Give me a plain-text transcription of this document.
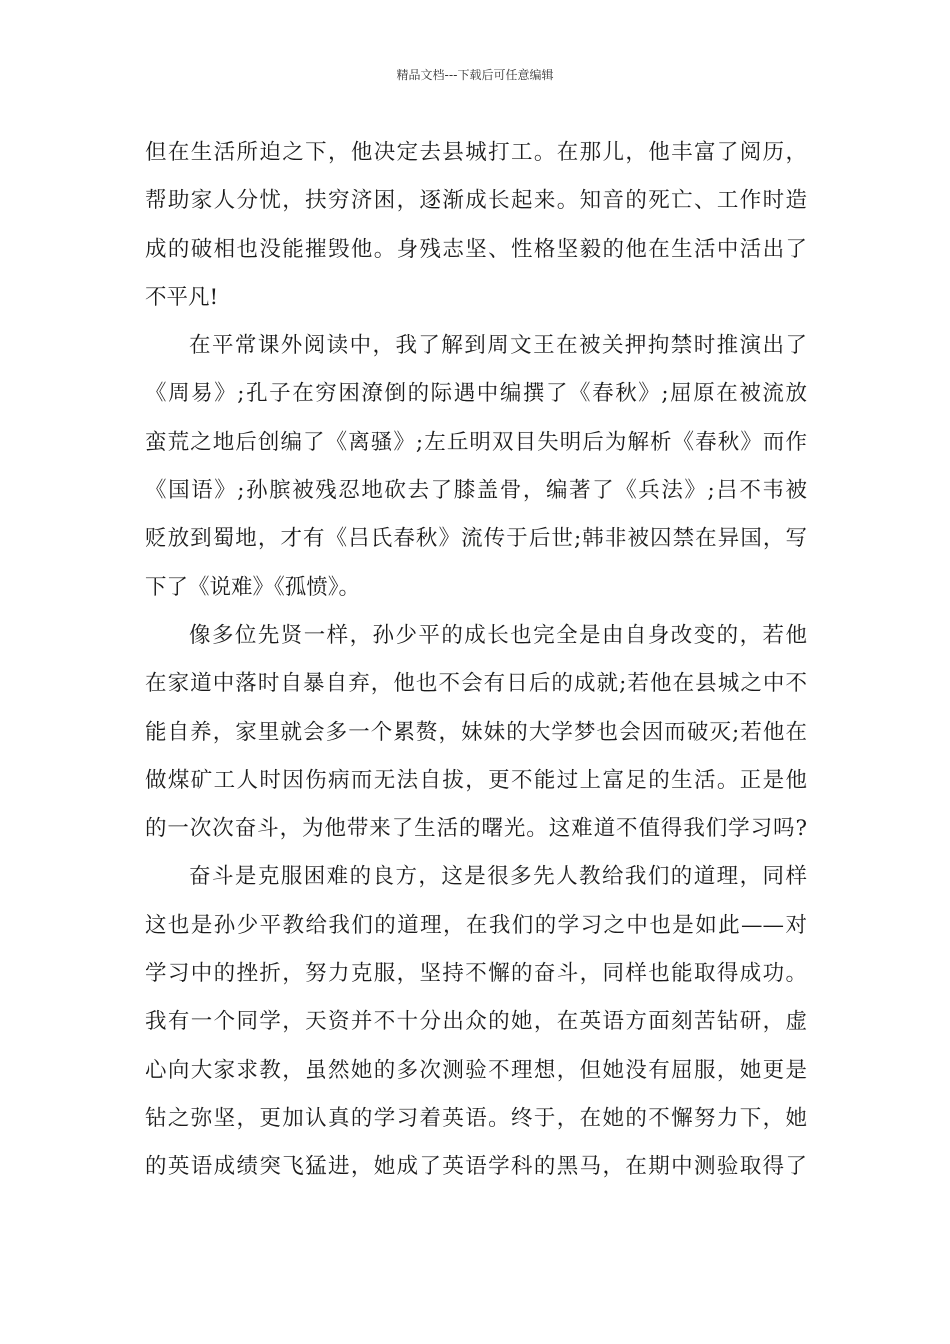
精品文档---下载后可任意编辑
但在生活所迫之下，他决定去县城打工。在那儿，他丰富了阅历，
帮助家人分忧，扶穷济困，逐渐成长起来。知音的死亡、工作时造
成的破相也没能摧毁他。身残志坚、性格坚毅的他在生活中活出了
不平凡!
在平常课外阅读中，我了解到周文王在被关押拘禁时推演出了
《周易》;孔子在穷困潦倒的际遇中编撰了《春秋》;屈原在被流放
蛮荒之地后创编了《离骚》;左丘明双目失明后为解析《春秋》而作
《国语》;孙膑被残忍地砍去了膝盖骨，编著了《兵法》;吕不韦被
贬放到蜀地，才有《吕氏春秋》流传于后世;韩非被囚禁在异国，写
下了《说难》《孤愤》。
像多位先贤一样，孙少平的成长也完全是由自身改变的，若他
在家道中落时自暴自弃，他也不会有日后的成就;若他在县城之中不
能自养，家里就会多一个累赘，妹妹的大学梦也会因而破灭;若他在
做煤矿工人时因伤病而无法自拔，更不能过上富足的生活。正是他
的一次次奋斗，为他带来了生活的曙光。这难道不值得我们学习吗?
奋斗是克服困难的良方，这是很多先人教给我们的道理，同样
这也是孙少平教给我们的道理，在我们的学习之中也是如此——对
学习中的挫折，努力克服，坚持不懈的奋斗，同样也能取得成功。
我有一个同学，天资并不十分出众的她，在英语方面刻苦钻研，虚
心向大家求教，虽然她的多次测验不理想，但她没有屈服，她更是
钻之弥坚，更加认真的学习着英语。终于，在她的不懈努力下，她
的英语成绩突飞猛进，她成了英语学科的黑马，在期中测验取得了
